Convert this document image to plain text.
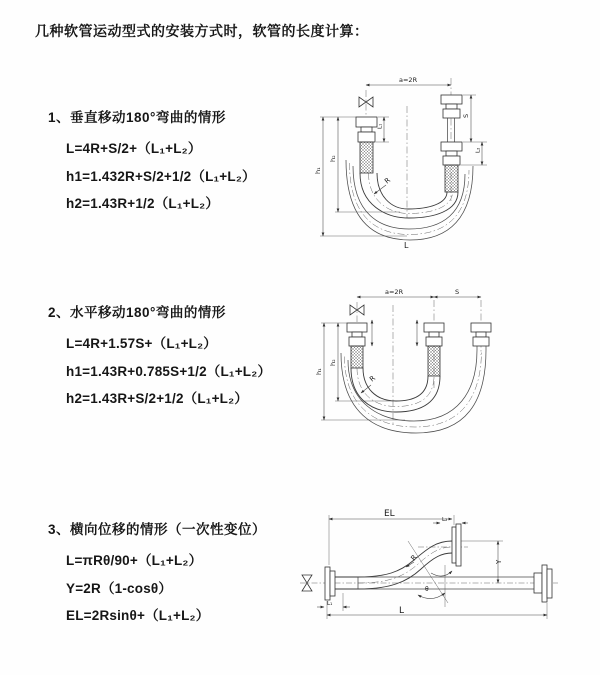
几种软管运动型式的安装方式时，软管的长度计算：
1、垂直移动180°弯曲的情形
L=4R+S/2+（L₁+L₂）
h1=1.432R+S/2+1/2（L₁+L₂）
h2=1.43R+1/2（L₁+L₂）
2、水平移动180°弯曲的情形
L=4R+1.57S+（L₁+L₂）
h1=1.43R+0.785S+1/2（L₁+L₂）
h2=1.43R+S/2+1/2（L₁+L₂）
3、横向位移的情形（一次性变位）
L=πRθ/90+（L₁+L₂）
Y=2R（1-cosθ）
EL=2Rsinθ+（L₁+L₂）
a=2R
h₁
h₂
L₁
S
L₂
R
L
a=2R	S
h₁
h₂
R
θ
EL
L₂
Y
R
L₁
L
